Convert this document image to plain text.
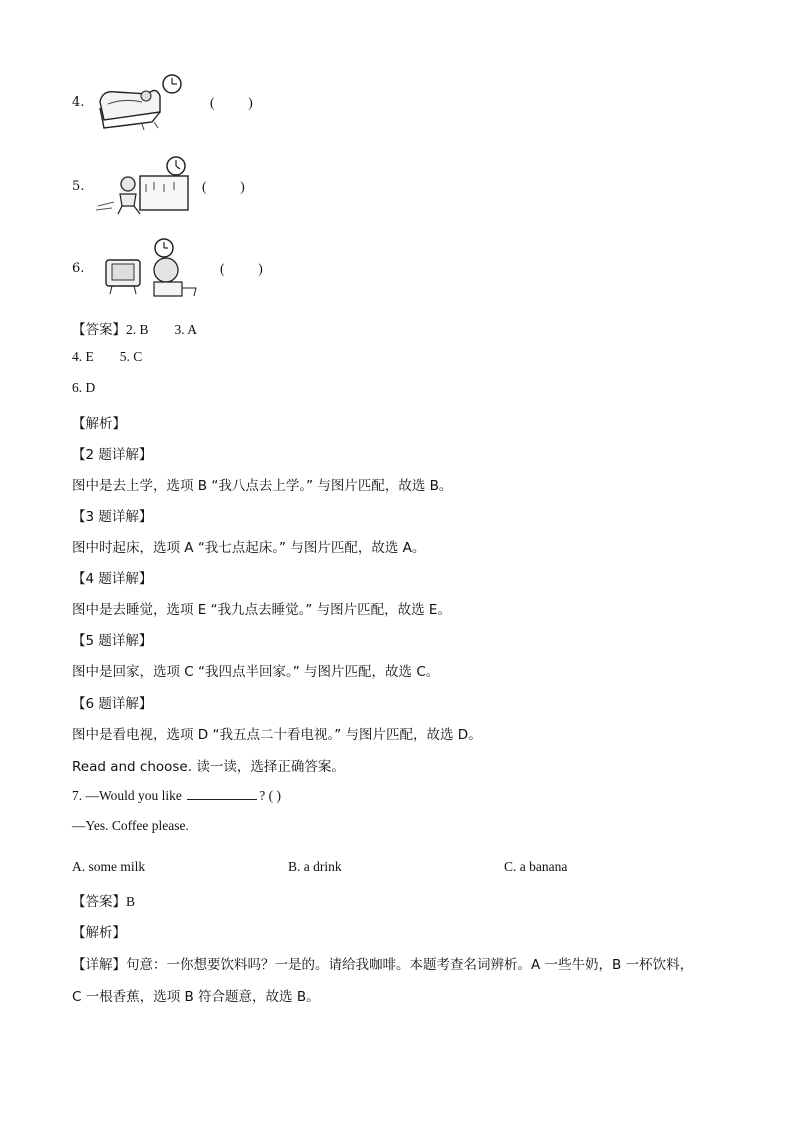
4.	(          )
5.	(          )
6.	(          )
【答案】2. B 3. A
4. E 5. C
6. D
【解析】
【2 题详解】
图中是去上学，选项 B “我八点去上学。” 与图片匹配，故选 B。
【3 题详解】
图中时起床，选项 A “我七点起床。” 与图片匹配，故选 A。
【4 题详解】
图中是去睡觉，选项 E “我九点去睡觉。” 与图片匹配，故选 E。
【5 题详解】
图中是回家，选项 C “我四点半回家。” 与图片匹配，故选 C。
【6 题详解】
图中是看电视，选项 D “我五点二十看电视。” 与图片匹配，故选 D。
Read and choose. 读一读，选择正确答案。
7. —Would you like	? ( )
—Yes. Coffee please.
A. some milk	B. a drink	C. a banana
【答案】B
【解析】
【详解】句意：一你想要饮料吗？一是的。请给我咖啡。本题考查名词辨析。A 一些牛奶，B 一杯饮料，
C 一根香蕉，选项 B 符合题意，故选 B。
